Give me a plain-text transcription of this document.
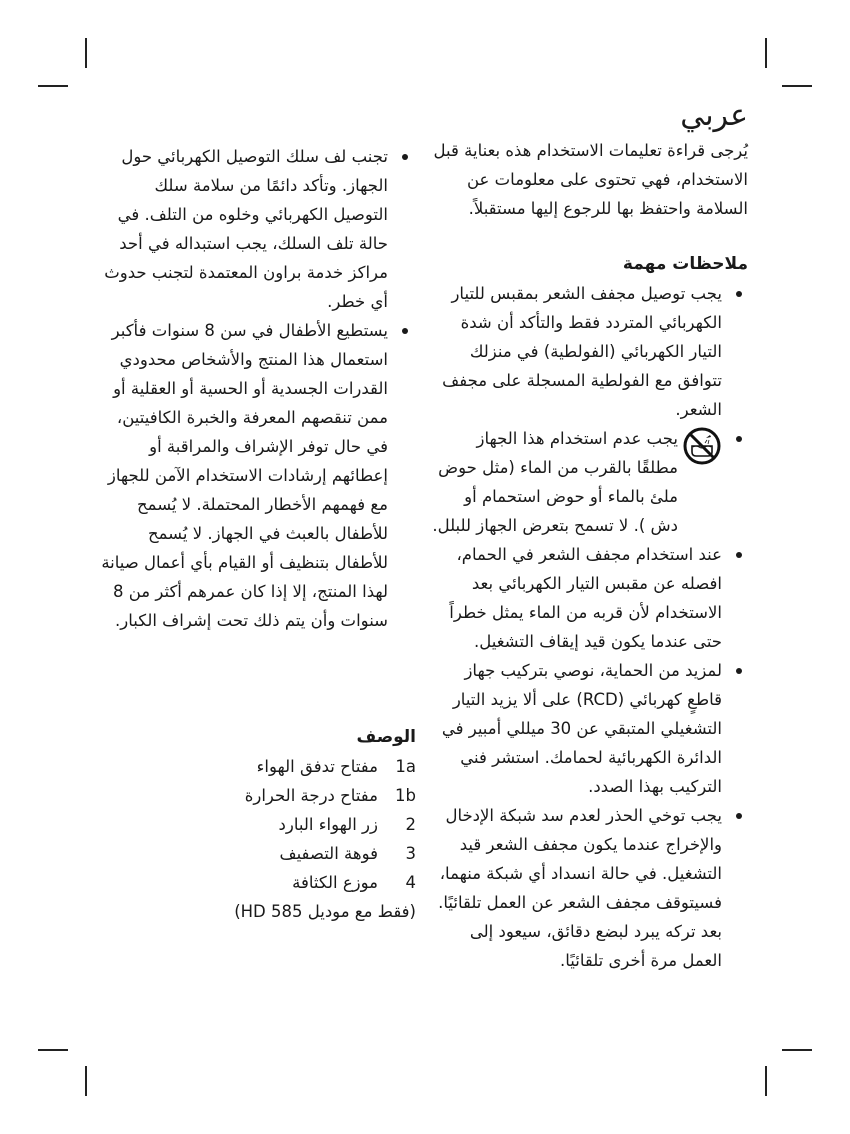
عربي

يُرجى قراءة تعليمات الاستخدام هذه بعناية قبل الاستخدام، فهي تحتوى على معلومات عن السلامة واحتفظ بها للرجوع إليها مستقبلاً.

ملاحظات مهمة
يجب توصيل مجفف الشعر بمقبس للتيار الكهربائي المتردد فقط والتأكد أن شدة التيار الكهربائي (الفولطية) في منزلك تتوافق مع الفولطية المسجلة على مجفف الشعر.
يجب عدم استخدام هذا الجهاز مطلقًا بالقرب من الماء (مثل حوض ملئ بالماء أو حوض استحمام أو دش ). لا تسمح بتعرض الجهاز للبلل.
عند استخدام مجفف الشعر في الحمام، افصله عن مقبس التيار الكهربائي بعد الاستخدام لأن قربه من الماء يمثل خطراً حتى عندما يكون قيد إيقاف التشغيل.
لمزيد من الحماية، نوصي بتركيب جهاز قاطعٍ كهربائي (RCD) على ألا يزيد التيار التشغيلي المتبقي عن 30 ميللي أمبير في الدائرة الكهربائية لحمامك. استشر فني التركيب بهذا الصدد.
يجب توخي الحذر لعدم سد شبكة الإدخال والإخراج عندما يكون مجفف الشعر قيد التشغيل. في حالة انسداد أي شبكة منهما، فسيتوقف مجفف الشعر عن العمل تلقائيًا. بعد تركه يبرد لبضع دقائق، سيعود إلى العمل مرة أخرى تلقائيًا.
تجنب لف سلك التوصيل الكهربائي حول الجهاز. وتأكد دائمًا من سلامة سلك التوصيل الكهربائي وخلوه من التلف. في حالة تلف السلك، يجب استبداله في أحد مراكز خدمة براون المعتمدة لتجنب حدوث أي خطر.
يستطيع الأطفال في سن 8 سنوات فأكبر استعمال هذا المنتج والأشخاص محدودي القدرات الجسدية أو الحسية أو العقلية أو ممن تنقصهم المعرفة والخبرة الكافيتين، في حال توفر الإشراف والمراقبة أو إعطائهم إرشادات الاستخدام الآمن للجهاز مع فهمهم الأخطار المحتملة. لا يُسمح للأطفال بالعبث في الجهاز. لا يُسمح للأطفال بتنظيف أو القيام بأي أعمال صيانة لهذا المنتج، إلا إذا كان عمرهم أكثر من 8 سنوات وأن يتم ذلك تحت إشراف الكبار.
الوصف
1a
مفتاح تدفق الهواء
1b
مفتاح درجة الحرارة
2
زر الهواء البارد
3
فوهة التصفيف
4
موزع الكثافة
(فقط مع موديل HD 585)
